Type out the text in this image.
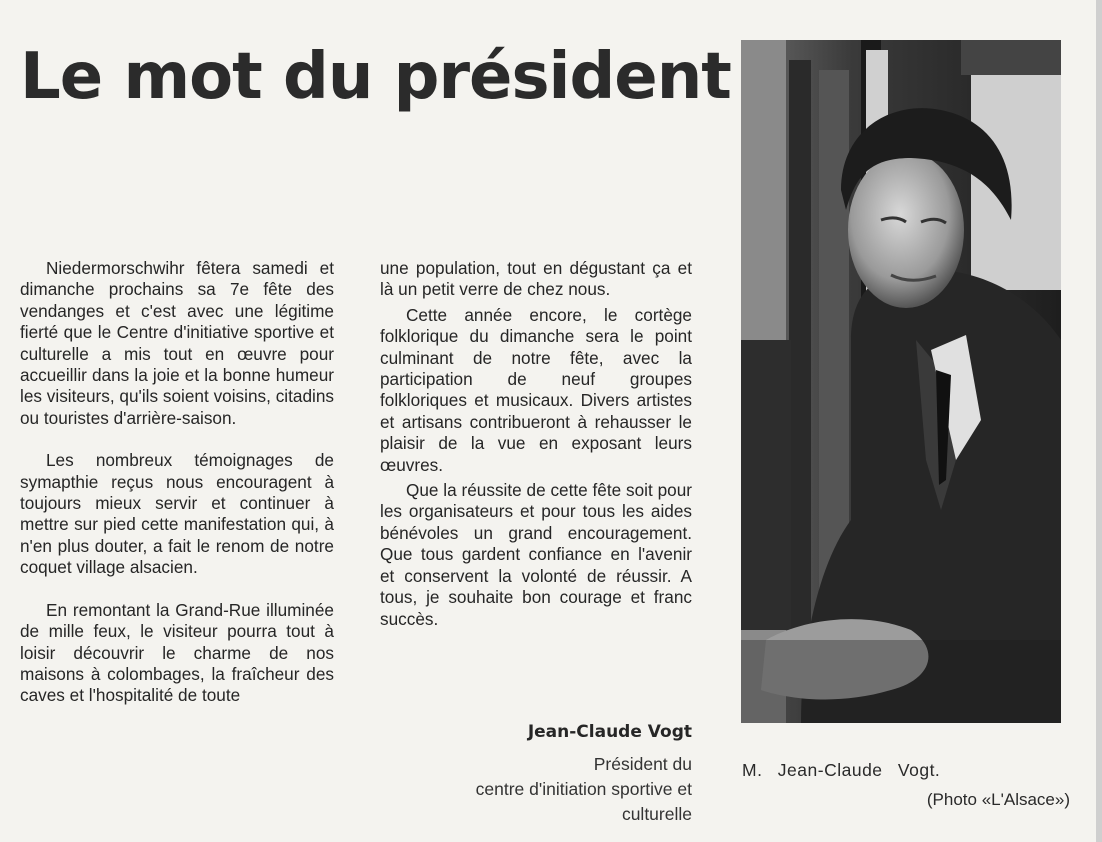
Le mot du président

Niedermorschwihr fêtera samedi et dimanche prochains sa 7e fête des vendanges et c'est avec une légitime fierté que le Centre d'initiative sportive et culturelle a mis tout en œuvre pour accueillir dans la joie et la bonne humeur les visiteurs, qu'ils soient voisins, citadins ou touristes d'arrière-saison.

Les nombreux témoignages de symapthie reçus nous encouragent à toujours mieux servir et continuer à mettre sur pied cette manifestation qui, à n'en plus douter, a fait le renom de notre coquet village alsacien.

En remontant la Grand-Rue illuminée de mille feux, le visiteur pourra tout à loisir découvrir le charme de nos maisons à colombages, la fraîcheur des caves et l'hospitalité de toute

une population, tout en dégustant ça et là un petit verre de chez nous.

Cette année encore, le cortège folklorique du dimanche sera le point culminant de notre fête, avec la participation de neuf groupes folkloriques et musicaux. Divers artistes et artisans contribueront à rehausser le plaisir de la vue en exposant leurs œuvres.

Que la réussite de cette fête soit pour les organisateurs et pour tous les aides bénévoles un grand encouragement. Que tous gardent confiance en l'avenir et conservent la volonté de réussir. A tous, je souhaite bon courage et franc succès.

Jean-Claude Vogt
Président du
centre d'initiation sportive et
culturelle
M. Jean-Claude Vogt.
(Photo «L'Alsace»)
